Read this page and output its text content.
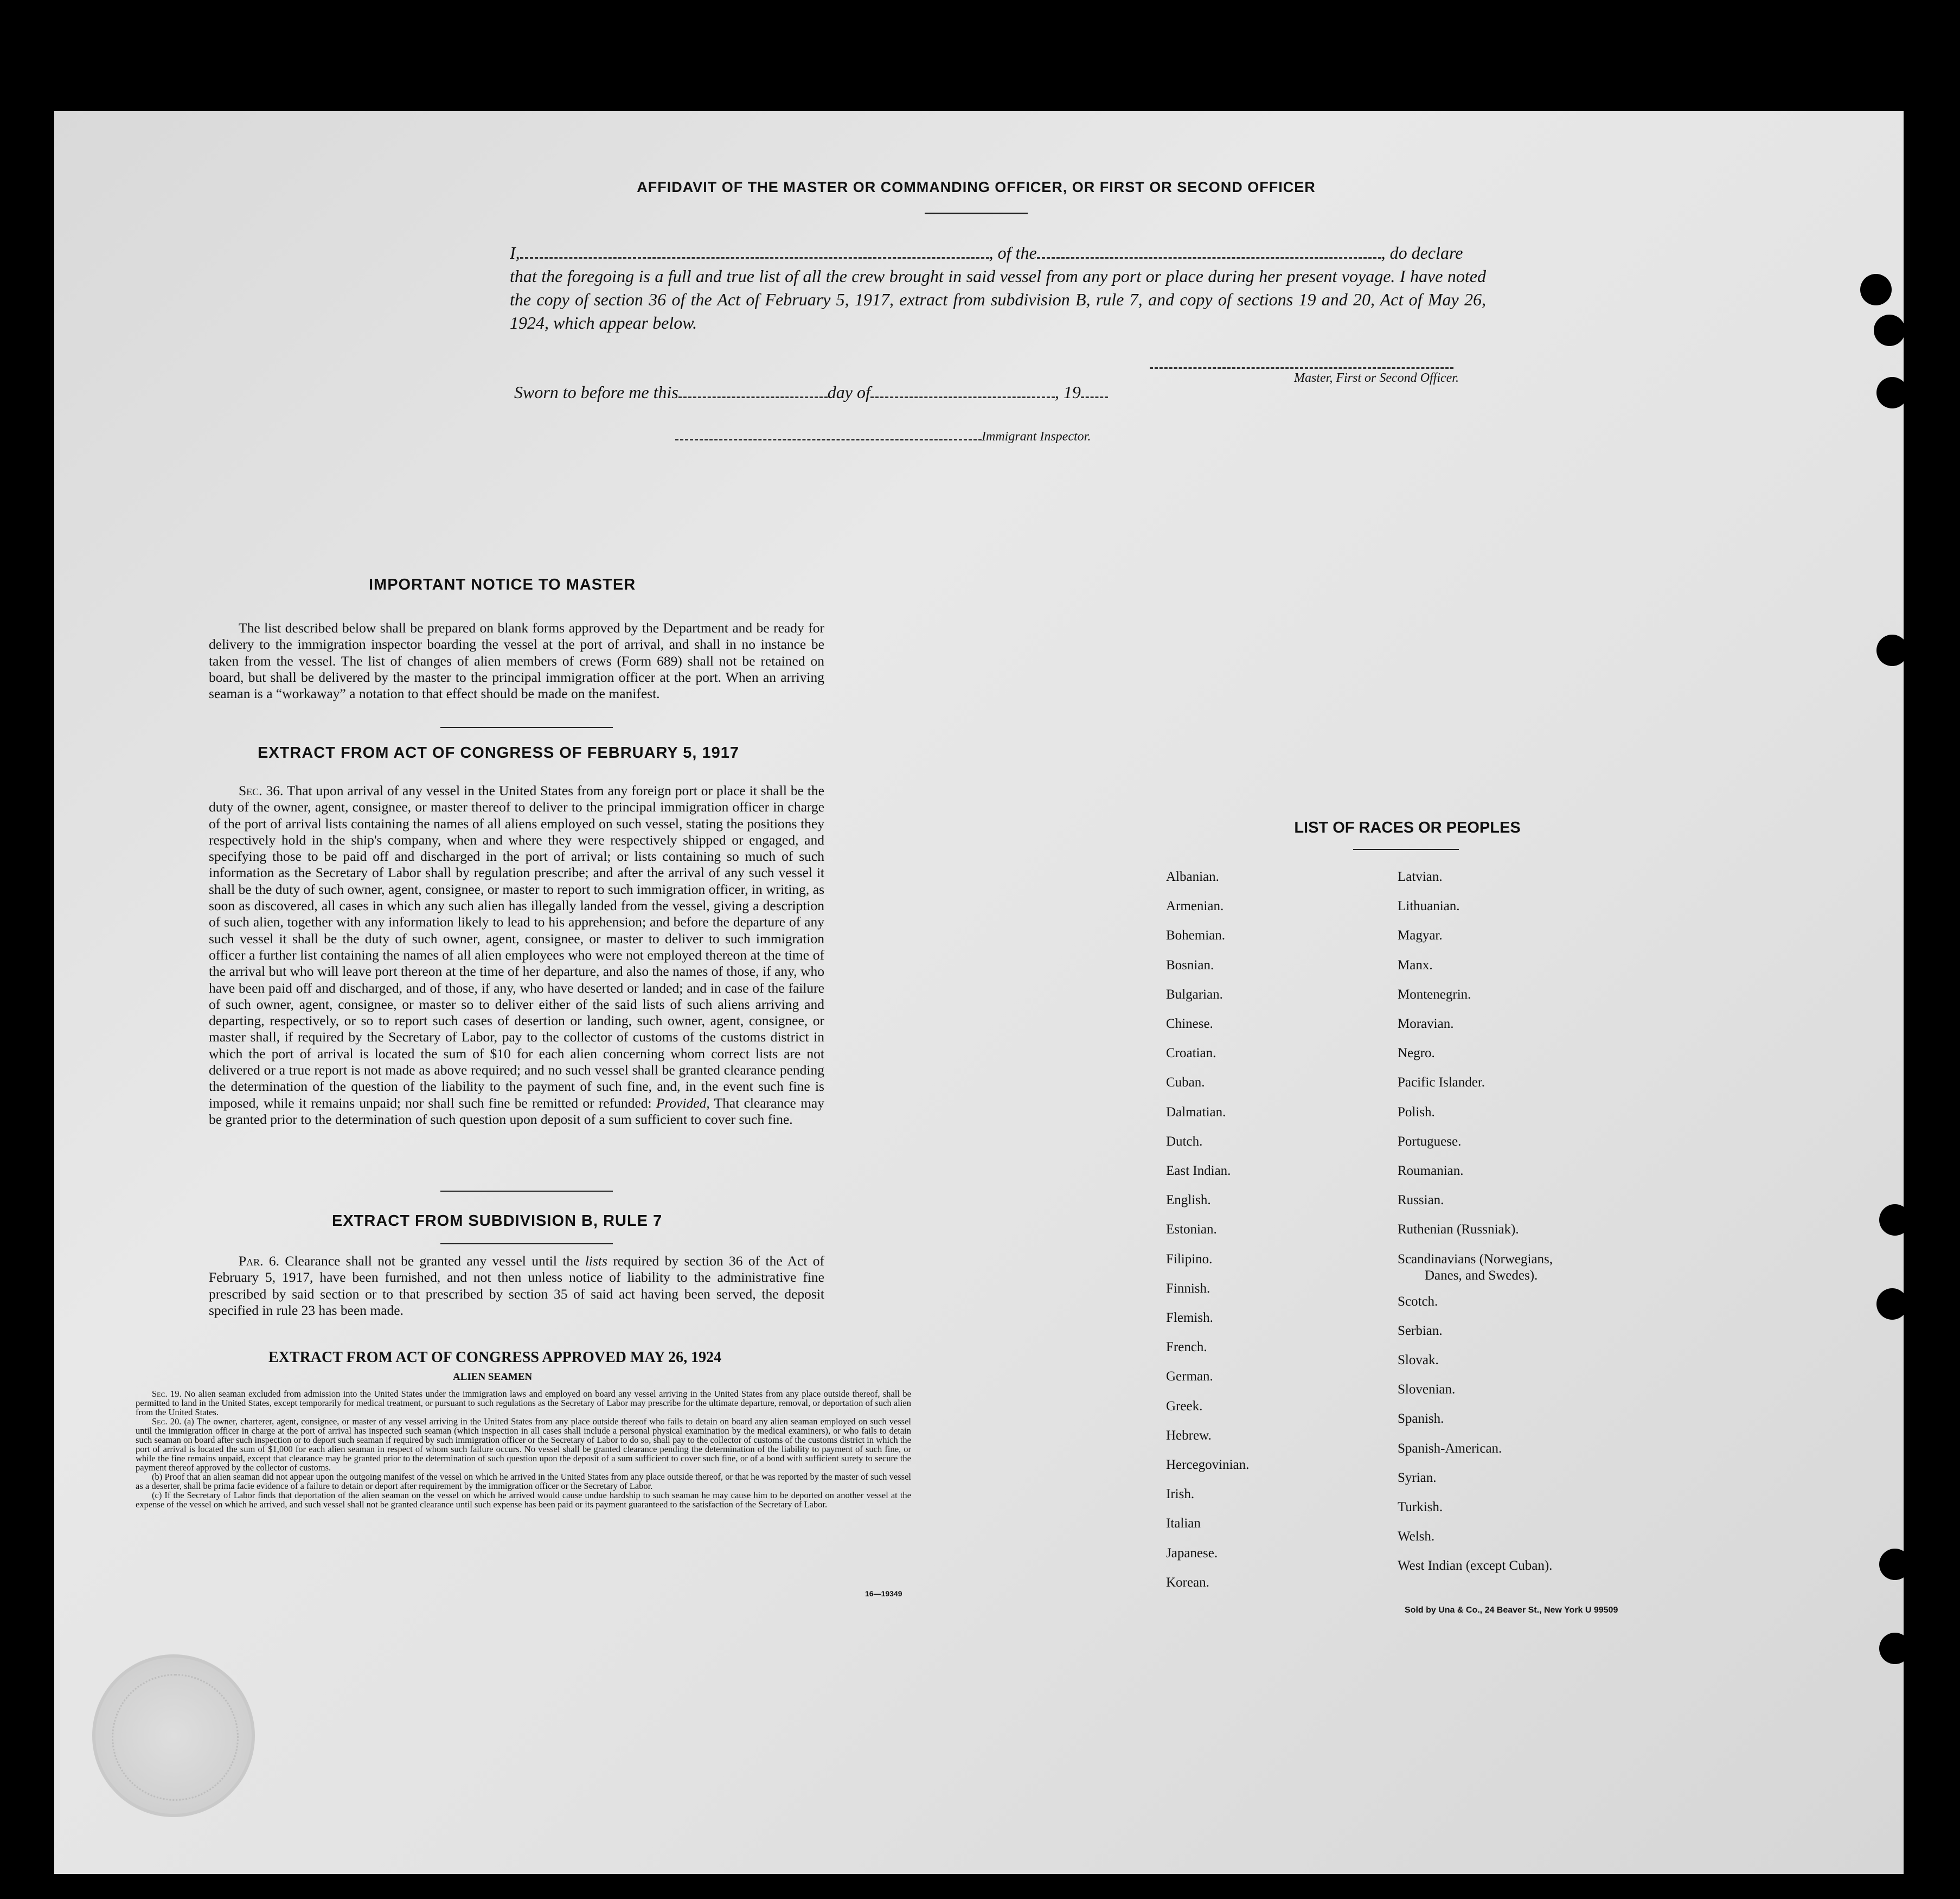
AFFIDAVIT OF THE MASTER OR COMMANDING OFFICER, OR FIRST OR SECOND OFFICER
I,	, of the	, do declare
that the foregoing is a full and true list of all the crew brought in said vessel from any port or place during her present voyage. I have noted the copy of section 36 of the Act of February 5, 1917, extract from subdivision B, rule 7, and copy of sections 19 and 20, Act of May 26, 1924, which appear below.
Master, First or Second Officer.
Sworn to before me this	day of	, 19
Immigrant Inspector.
IMPORTANT NOTICE TO MASTER
The list described below shall be prepared on blank forms approved by the Department and be ready for delivery to the immigration inspector boarding the vessel at the port of arrival, and shall in no instance be taken from the vessel. The list of changes of alien members of crews (Form 689) shall not be retained on board, but shall be delivered by the master to the principal immigration officer at the port. When an arriving seaman is a “workaway” a notation to that effect should be made on the manifest.
EXTRACT FROM ACT OF CONGRESS OF FEBRUARY 5, 1917
Sec. 36. That upon arrival of any vessel in the United States from any foreign port or place it shall be the duty of the owner, agent, consignee, or master thereof to deliver to the principal immigration officer in charge of the port of arrival lists containing the names of all aliens employed on such vessel, stating the positions they respectively hold in the ship's company, when and where they were respectively shipped or engaged, and specifying those to be paid off and discharged in the port of arrival; or lists containing so much of such information as the Secretary of Labor shall by regulation prescribe; and after the arrival of any such vessel it shall be the duty of such owner, agent, consignee, or master to report to such immigration officer, in writing, as soon as discovered, all cases in which any such alien has illegally landed from the vessel, giving a description of such alien, together with any information likely to lead to his apprehension; and before the departure of any such vessel it shall be the duty of such owner, agent, consignee, or master to deliver to such immigration officer a further list containing the names of all alien employees who were not employed thereon at the time of the arrival but who will leave port thereon at the time of her departure, and also the names of those, if any, who have been paid off and discharged, and of those, if any, who have deserted or landed; and in case of the failure of such owner, agent, consignee, or master so to deliver either of the said lists of such aliens arriving and departing, respectively, or so to report such cases of desertion or landing, such owner, agent, consignee, or master shall, if required by the Secretary of Labor, pay to the collector of customs of the customs district in which the port of arrival is located the sum of $10 for each alien concerning whom correct lists are not delivered or a true report is not made as above required; and no such vessel shall be granted clearance pending the determination of the question of the liability to the payment of such fine, and, in the event such fine is imposed, while it remains unpaid; nor shall such fine be remitted or refunded: Provided, That clearance may be granted prior to the determination of such question upon deposit of a sum sufficient to cover such fine.
EXTRACT FROM SUBDIVISION B, RULE 7
Par. 6. Clearance shall not be granted any vessel until the lists required by section 36 of the Act of February 5, 1917, have been furnished, and not then unless notice of liability to the administrative fine prescribed by said section or to that prescribed by section 35 of said act having been served, the deposit specified in rule 23 has been made.
EXTRACT FROM ACT OF CONGRESS APPROVED MAY 26, 1924
ALIEN SEAMEN
Sec. 19. No alien seaman excluded from admission into the United States under the immigration laws and employed on board any vessel arriving in the United States from any place outside thereof, shall be permitted to land in the United States, except temporarily for medical treatment, or pursuant to such regulations as the Secretary of Labor may prescribe for the ultimate departure, removal, or deportation of such alien from the United States.
Sec. 20. (a) The owner, charterer, agent, consignee, or master of any vessel arriving in the United States from any place outside thereof who fails to detain on board any alien seaman employed on such vessel until the immigration officer in charge at the port of arrival has inspected such seaman (which inspection in all cases shall include a personal physical examination by the medical examiners), or who fails to detain such seaman on board after such inspection or to deport such seaman if required by such immigration officer or the Secretary of Labor to do so, shall pay to the collector of customs of the customs district in which the port of arrival is located the sum of $1,000 for each alien seaman in respect of whom such failure occurs. No vessel shall be granted clearance pending the determination of the liability to payment of such fine, or while the fine remains unpaid, except that clearance may be granted prior to the determination of such question upon the deposit of a sum sufficient to cover such fine, or of a bond with sufficient surety to secure the payment thereof approved by the collector of customs.
(b) Proof that an alien seaman did not appear upon the outgoing manifest of the vessel on which he arrived in the United States from any place outside thereof, or that he was reported by the master of such vessel as a deserter, shall be prima facie evidence of a failure to detain or deport after requirement by the immigration officer or the Secretary of Labor.
(c) If the Secretary of Labor finds that deportation of the alien seaman on the vessel on which he arrived would cause undue hardship to such seaman he may cause him to be deported on another vessel at the expense of the vessel on which he arrived, and such vessel shall not be granted clearance until such expense has been paid or its payment guaranteed to the satisfaction of the Secretary of Labor.
16—19349
LIST OF RACES OR PEOPLES
Albanian.
Armenian.
Bohemian.
Bosnian.
Bulgarian.
Chinese.
Croatian.
Cuban.
Dalmatian.
Dutch.
East Indian.
English.
Estonian.
Filipino.
Finnish.
Flemish.
French.
German.
Greek.
Hebrew.
Hercegovinian.
Irish.
Italian
Japanese.
Korean.
Latvian.
Lithuanian.
Magyar.
Manx.
Montenegrin.
Moravian.
Negro.
Pacific Islander.
Polish.
Portuguese.
Roumanian.
Russian.
Ruthenian (Russniak).
Scandinavians (Norwegians,
Danes, and Swedes).
Scotch.
Serbian.
Slovak.
Slovenian.
Spanish.
Spanish-American.
Syrian.
Turkish.
Welsh.
West Indian (except Cuban).
Sold by Una & Co., 24 Beaver St., New York U 99509
